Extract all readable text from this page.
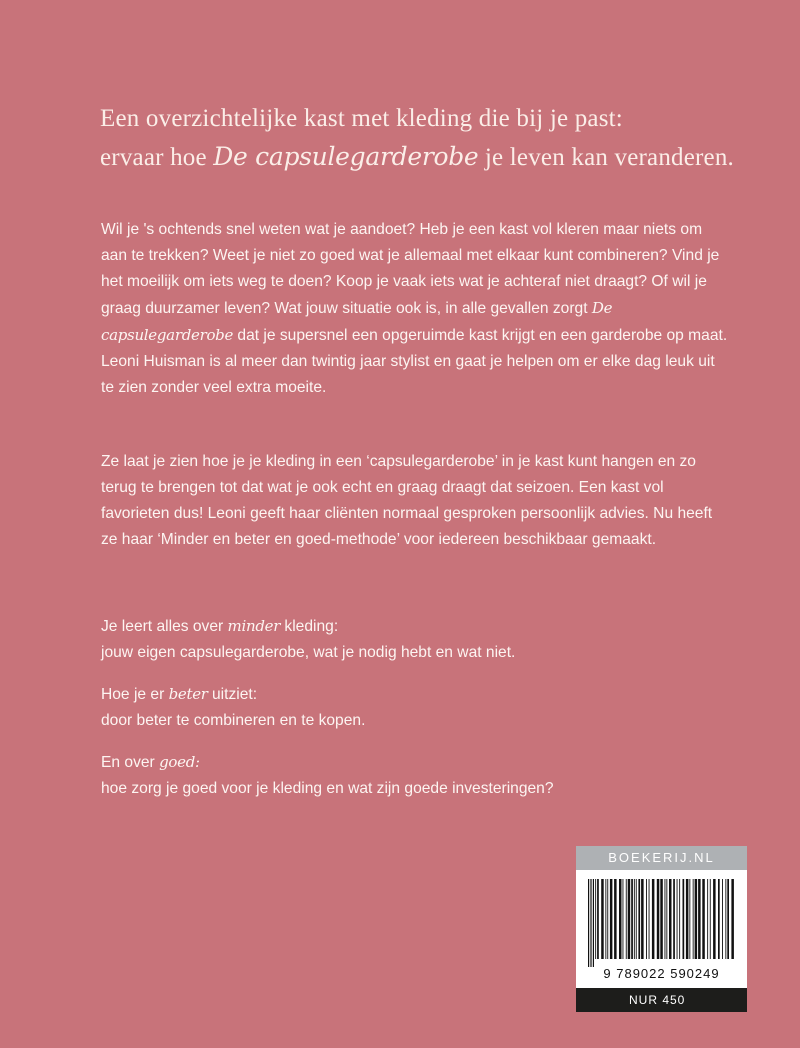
Een overzichtelijke kast met kleding die bij je past:
ervaar hoe De capsulegarderobe je leven kan veranderen.

Wil je 's ochtends snel weten wat je aandoet? Heb je een kast vol kleren maar niets om aan te trekken? Weet je niet zo goed wat je allemaal met elkaar kunt combineren? Vind je het moeilijk om iets weg te doen? Koop je vaak iets wat je achteraf niet draagt? Of wil je graag duurzamer leven? Wat jouw situatie ook is, in alle gevallen zorgt De capsulegarderobe dat je supersnel een opgeruimde kast krijgt en een garderobe op maat. Leoni Huisman is al meer dan twintig jaar stylist en gaat je helpen om er elke dag leuk uit te zien zonder veel extra moeite.

Ze laat je zien hoe je je kleding in een ‘capsulegarderobe’ in je kast kunt hangen en zo terug te brengen tot dat wat je ook echt en graag draagt dat seizoen. Een kast vol favorieten dus! Leoni geeft haar cliënten normaal gesproken persoonlijk advies. Nu heeft ze haar ‘Minder en beter en goed-methode’ voor iedereen beschikbaar gemaakt.

Je leert alles over minder kleding:
jouw eigen capsulegarderobe, wat je nodig hebt en wat niet.

Hoe je er beter uitziet:
door beter te combineren en te kopen.

En over goed:
hoe zorg je goed voor je kleding en wat zijn goede investeringen?

BOEKERIJ.NL
9 789022 590249
NUR 450
